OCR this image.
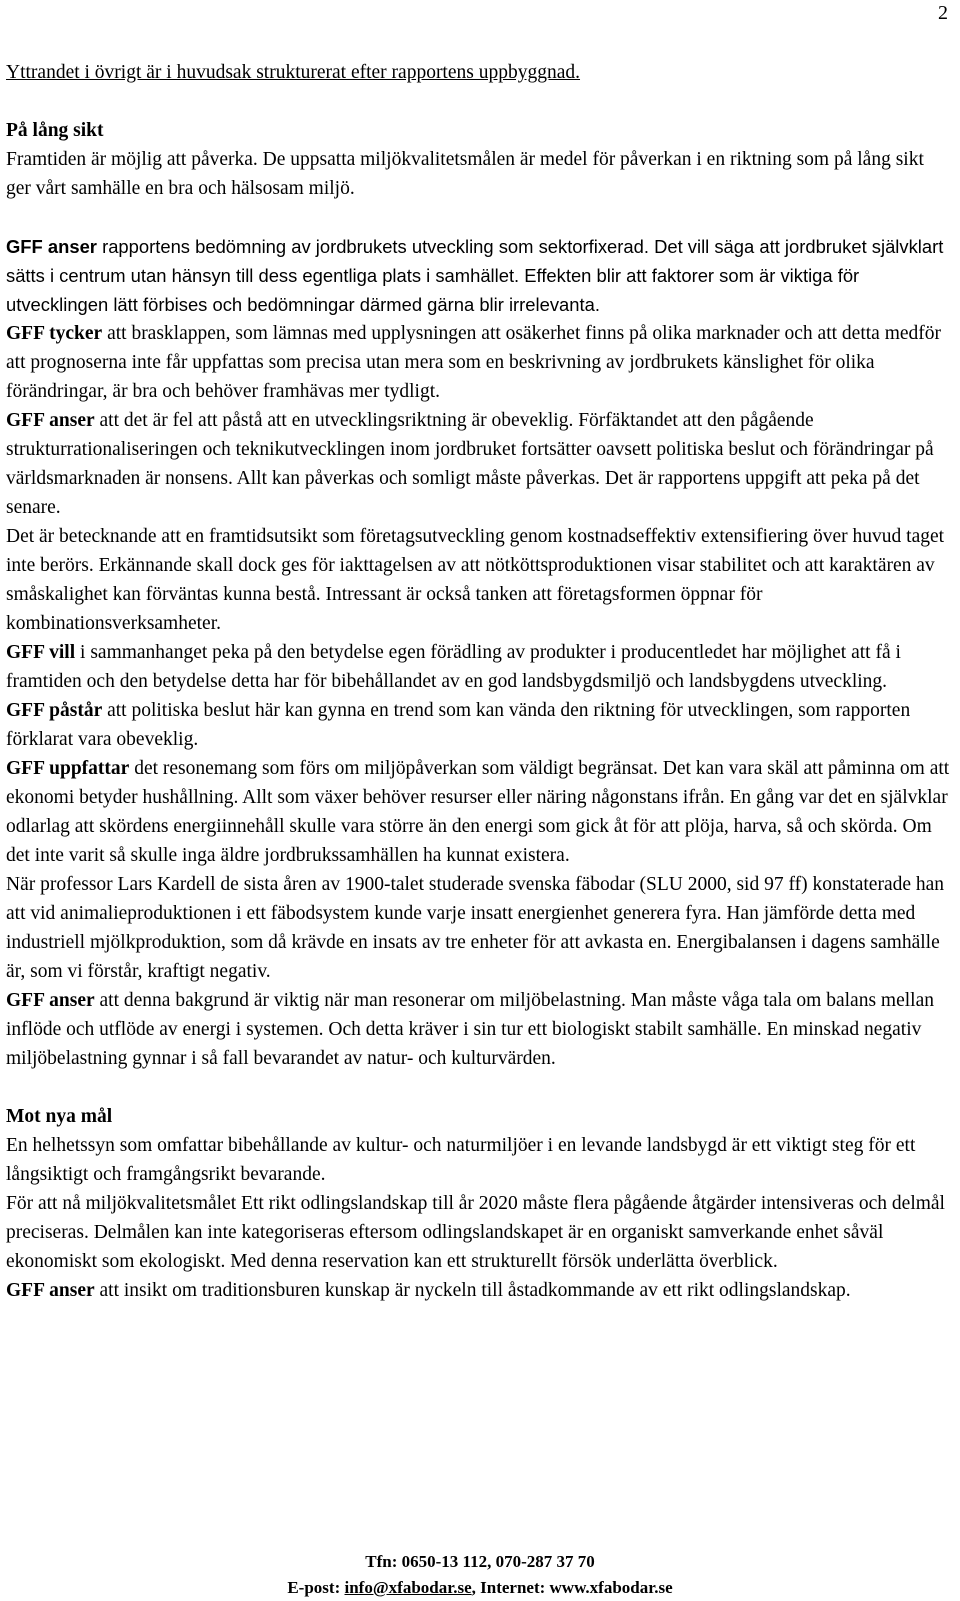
2

Yttrandet i övrigt är i huvudsak strukturerat efter rapportens uppbyggnad.

På lång sikt

Framtiden är möjlig att påverka. De uppsatta miljökvalitetsmålen är medel för påverkan i en riktning som på lång sikt ger vårt samhälle en bra och hälsosam miljö.

GFF anser rapportens bedömning av jordbrukets utveckling som sektorfixerad. Det vill säga att jordbruket självklart sätts i centrum utan hänsyn till dess egentliga plats i samhället. Effekten blir att faktorer som är viktiga för utvecklingen lätt förbises och bedömningar därmed gärna blir irrelevanta.

GFF tycker att brasklappen, som lämnas med upplysningen att osäkerhet finns på olika marknader och att detta medför att prognoserna inte får uppfattas som precisa utan mera som en beskrivning av jordbrukets känslighet för olika förändringar, är bra och behöver framhävas mer tydligt.

GFF anser att det är fel att påstå att en utvecklingsriktning är obeveklig. Förfäktandet att den pågående strukturrationaliseringen och teknikutvecklingen inom jordbruket fortsätter oavsett politiska beslut och förändringar på världsmarknaden är nonsens. Allt kan påverkas och somligt måste påverkas. Det är rapportens uppgift att peka på det senare.

Det är betecknande att en framtidsutsikt som företagsutveckling genom kostnadseffektiv extensifiering över huvud taget inte berörs. Erkännande skall dock ges för iakttagelsen av att nötköttsproduktionen visar stabilitet och att karaktären av småskalighet kan förväntas kunna bestå. Intressant är också tanken att företagsformen öppnar för kombinationsverksamheter.

GFF vill i sammanhanget peka på den betydelse egen förädling av produkter i producentledet har möjlighet att få i framtiden och den betydelse detta har för bibehållandet av en god landsbygdsmiljö och landsbygdens utveckling.

GFF påstår att politiska beslut här kan gynna en trend som kan vända den riktning för utvecklingen, som rapporten förklarat vara obeveklig.

GFF uppfattar det resonemang som förs om miljöpåverkan som väldigt begränsat. Det kan vara skäl att påminna om att ekonomi betyder hushållning. Allt som växer behöver resurser eller näring någonstans ifrån. En gång var det en självklar odlarlag att skördens energiinnehåll skulle vara större än den energi som gick åt för att plöja, harva, så och skörda. Om det inte varit så skulle inga äldre jordbrukssamhällen ha kunnat existera.

När professor Lars Kardell de sista åren av 1900-talet studerade svenska fäbodar (SLU 2000, sid 97 ff) konstaterade han att vid animalieproduktionen i ett fäbodsystem kunde varje insatt energienhet generera fyra. Han jämförde detta med industriell mjölkproduktion, som då krävde en insats av tre enheter för att avkasta en. Energibalansen i dagens samhälle är, som vi förstår, kraftigt negativ.

GFF anser att denna bakgrund är viktig när man resonerar om miljöbelastning. Man måste våga tala om balans mellan inflöde och utflöde av energi i systemen. Och detta kräver i sin tur ett biologiskt stabilt samhälle. En minskad negativ miljöbelastning gynnar i så fall bevarandet av natur- och kulturvärden.

Mot nya mål

En helhetssyn som omfattar bibehållande av kultur- och naturmiljöer i en levande landsbygd är ett viktigt steg för ett långsiktigt och framgångsrikt bevarande.

För att nå miljökvalitetsmålet Ett rikt odlingslandskap till år 2020 måste flera pågående åtgärder intensiveras och delmål preciseras. Delmålen kan inte kategoriseras eftersom odlingslandskapet är en organiskt samverkande enhet såväl ekonomiskt som ekologiskt. Med denna reservation kan ett strukturellt försök underlätta överblick.

GFF anser att insikt om traditionsburen kunskap är nyckeln till åstadkommande av ett rikt odlingslandskap.

Tfn: 0650-13 112, 070-287 37 70
E-post: info@xfabodar.se, Internet: www.xfabodar.se
